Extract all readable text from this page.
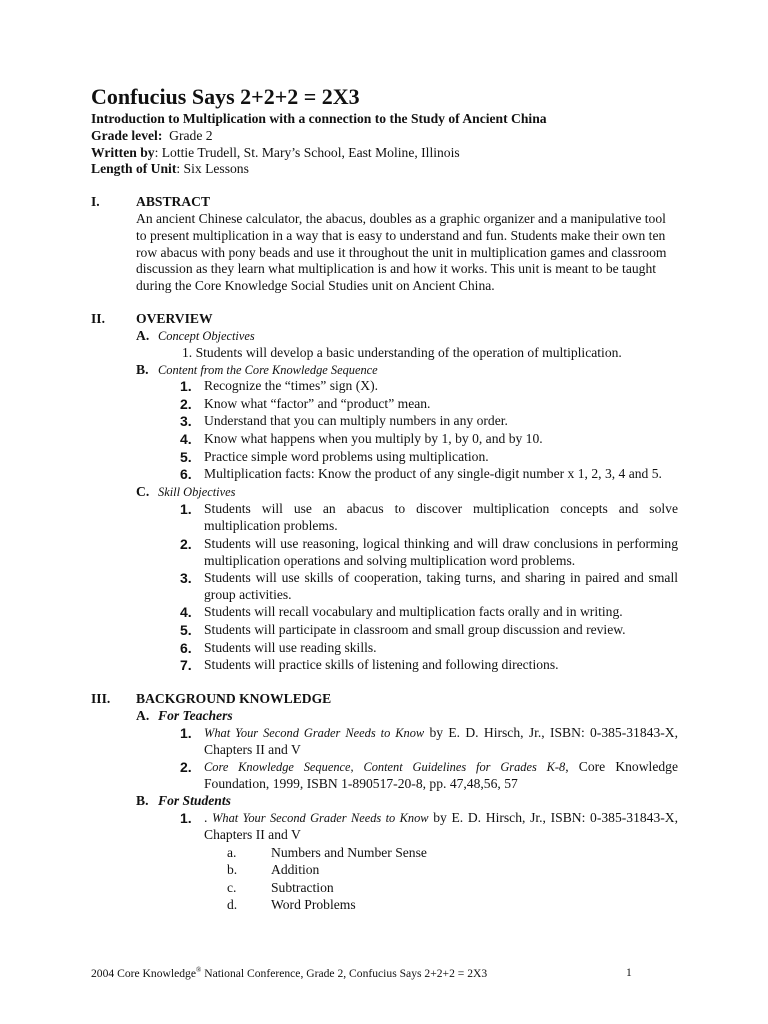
Confucius Says 2+2+2 = 2X3
Introduction to Multiplication with a connection to the Study of Ancient China
Grade level: Grade 2
Written by: Lottie Trudell, St. Mary’s School, East Moline, Illinois
Length of Unit: Six Lessons
I.	ABSTRACT
An ancient Chinese calculator, the abacus, doubles as a graphic organizer and a manipulative tool
to present multiplication in a way that is easy to understand and fun. Students make their own ten
row abacus with pony beads and use it throughout the unit in multiplication games and classroom
discussion as they learn what multiplication is and how it works. This unit is meant to be taught
during the Core Knowledge Social Studies unit on Ancient China.
II. OVERVIEW
A. Concept Objectives
1. Students will develop a basic understanding of the operation of multiplication.
B. Content from the Core Knowledge Sequence
1. Recognize the “times” sign (X).
2. Know what “factor” and “product” mean.
3. Understand that you can multiply numbers in any order.
4. Know what happens when you multiply by 1, by 0, and by 10.
5. Practice simple word problems using multiplication.
6. Multiplication facts: Know the product of any single-digit number x 1, 2, 3, 4 and 5.
C. Skill Objectives
1. Students will use an abacus to discover multiplication concepts and solve multiplication problems.
2. Students will use reasoning, logical thinking and will draw conclusions in performing multiplication operations and solving multiplication word problems.
3. Students will use skills of cooperation, taking turns, and sharing in paired and small group activities.
4. Students will recall vocabulary and multiplication facts orally and in writing.
5. Students will participate in classroom and small group discussion and review.
6. Students will use reading skills.
7. Students will practice skills of listening and following directions.
III. BACKGROUND KNOWLEDGE
A. For Teachers
1. What Your Second Grader Needs to Know by E. D. Hirsch, Jr., ISBN: 0-385-31843-X, Chapters II and V
2. Core Knowledge Sequence, Content Guidelines for Grades K-8, Core Knowledge Foundation, 1999, ISBN 1-890517-20-8, pp. 47,48,56, 57
B. For Students
1. . What Your Second Grader Needs to Know by E. D. Hirsch, Jr., ISBN: 0-385-31843-X, Chapters II and V
a.	Numbers and Number Sense
b. Addition
c.	Subtraction
d. Word Problems
2004 Core Knowledge® National Conference, Grade 2, Confucius Says 2+2+2 = 2X3	1
